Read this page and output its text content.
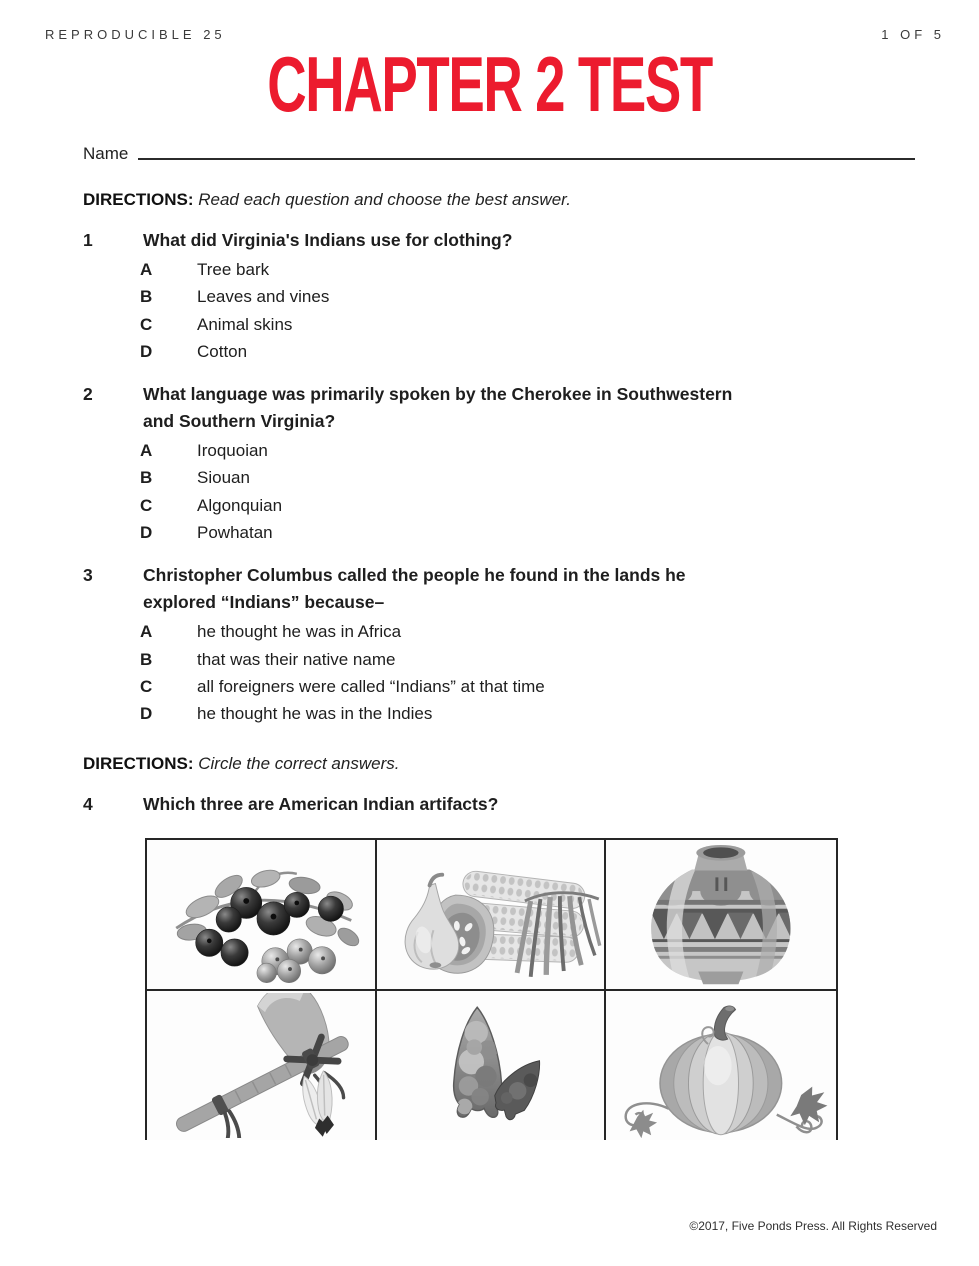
REPRODUCIBLE 25	1 OF 5
CHAPTER 2 TEST
Name
DIRECTIONS: Read each question and choose the best answer.
1	What did Virginia's Indians use for clothing?
A	Tree bark
B	Leaves and vines
C	Animal skins
D	Cotton
2	What language was primarily spoken by the Cherokee in Southwestern
and Southern Virginia?
A	Iroquoian
B	Siouan
C	Algonquian
D	Powhatan
3	Christopher Columbus called the people he found in the lands he
explored “Indians” because–
A	he thought he was in Africa
B	that was their native name
C	all foreigners were called “Indians” at that time
D	he thought he was in the Indies
DIRECTIONS: Circle the correct answers.
4	Which three are American Indian artifacts?
©2017, Five Ponds Press. All Rights Reserved
